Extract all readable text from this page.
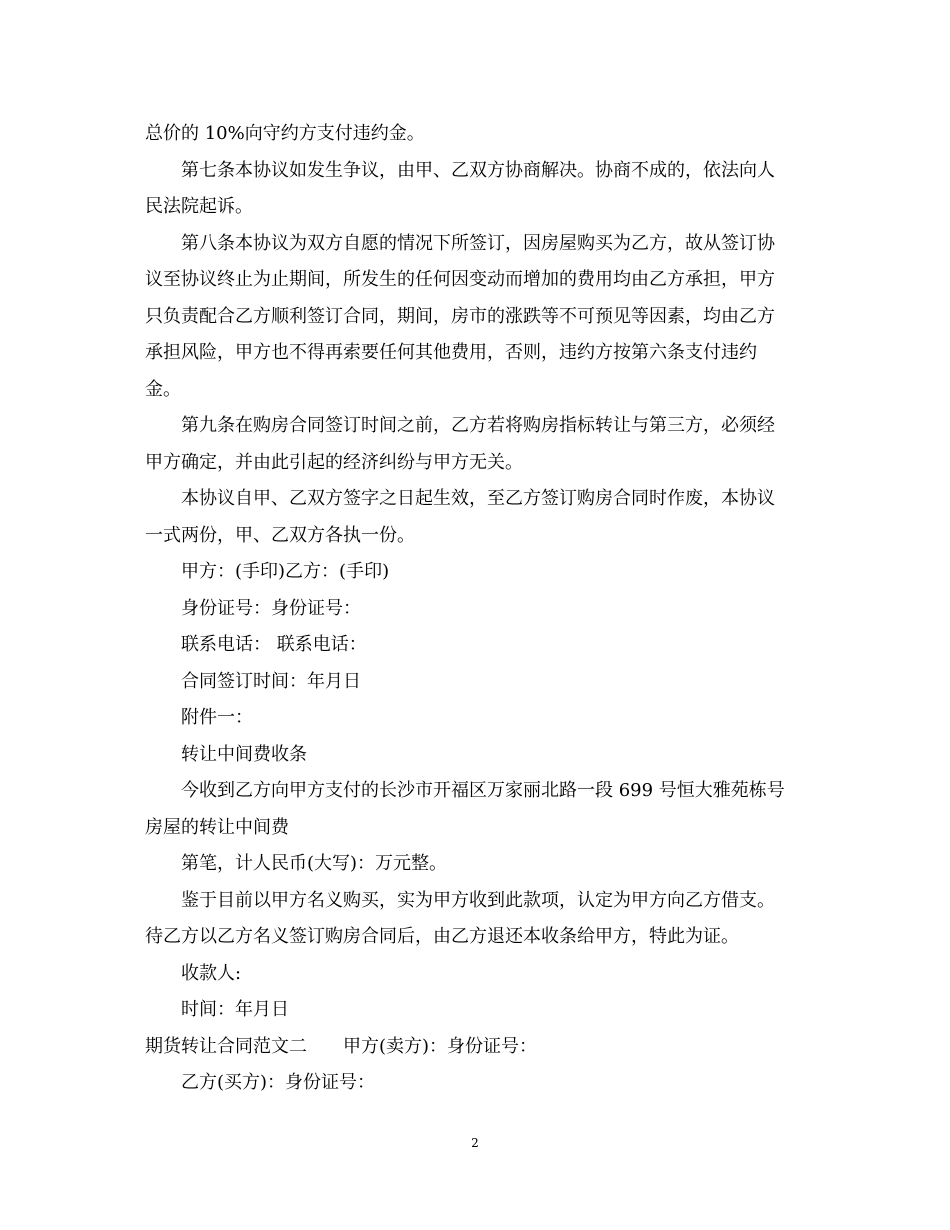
总价的 10%向守约方支付违约金。
第七条本协议如发生争议，由甲、乙双方协商解决。协商不成的，依法向人
民法院起诉。
第八条本协议为双方自愿的情况下所签订，因房屋购买为乙方，故从签订协
议至协议终止为止期间，所发生的任何因变动而增加的费用均由乙方承担，甲方
只负责配合乙方顺利签订合同，期间，房市的涨跌等不可预见等因素，均由乙方
承担风险，甲方也不得再索要任何其他费用，否则，违约方按第六条支付违约
金。
第九条在购房合同签订时间之前，乙方若将购房指标转让与第三方，必须经
甲方确定，并由此引起的经济纠纷与甲方无关。
本协议自甲、乙双方签字之日起生效，至乙方签订购房合同时作废，本协议
一式两份，甲、乙双方各执一份。
甲方：(手印)乙方：(手印)
身份证号：身份证号：
联系电话： 联系电话：
合同签订时间：年月日
附件一：
转让中间费收条
今收到乙方向甲方支付的长沙市开福区万家丽北路一段 699 号恒大雅苑栋号
房屋的转让中间费
第笔，计人民币(大写)：万元整。
鉴于目前以甲方名义购买，实为甲方收到此款项，认定为甲方向乙方借支。
待乙方以乙方名义签订购房合同后，由乙方退还本收条给甲方，特此为证。
收款人:
时间：年月日
期货转让合同范文二 甲方(卖方)：身份证号：
乙方(买方)：身份证号：
2
